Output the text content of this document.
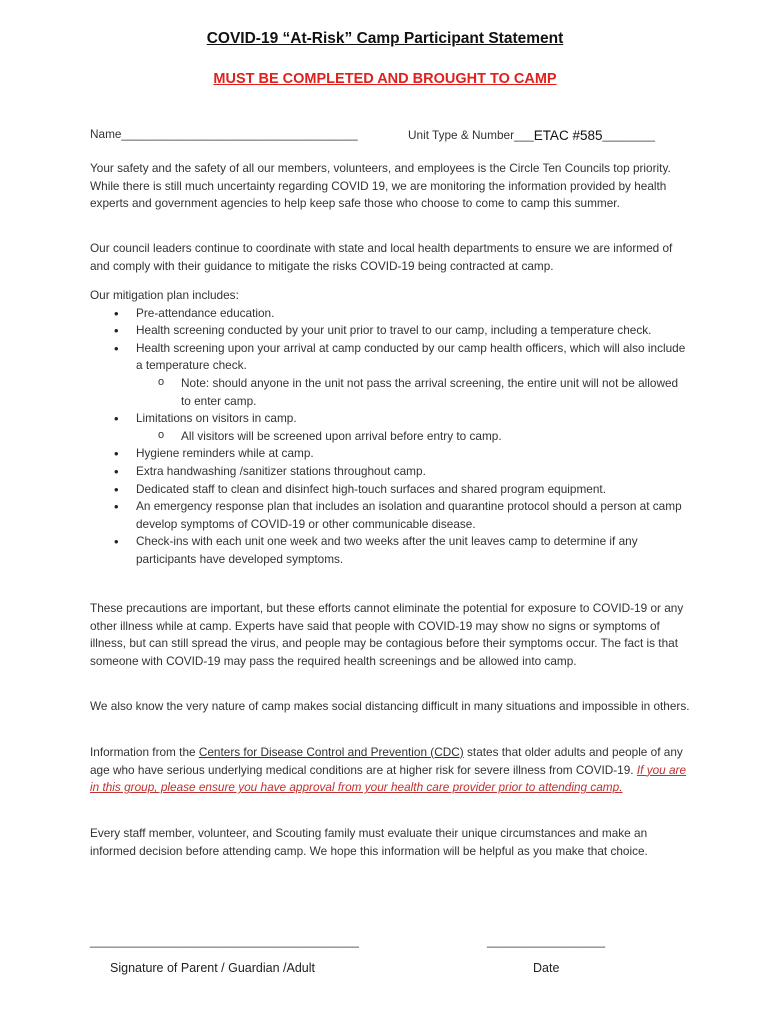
COVID-19 “At-Risk” Camp Participant Statement
MUST BE COMPLETED AND BROUGHT TO CAMP
Name____________________________________	Unit Type & Number___ETAC #585________

Your safety and the safety of all our members, volunteers, and employees is the Circle Ten Councils top priority. While there is still much uncertainty regarding COVID 19, we are monitoring the information provided by health experts and government agencies to help keep safe those who choose to come to camp this summer.

Our council leaders continue to coordinate with state and local health departments to ensure we are informed of and comply with their guidance to mitigate the risks COVID-19 being contracted at camp.

Our mitigation plan includes:

• Pre-attendance education.
• Health screening conducted by your unit prior to travel to our camp, including a temperature check.
• Health screening upon your arrival at camp conducted by our camp health officers, which will also include a temperature check.
o Note: should anyone in the unit not pass the arrival screening, the entire unit will not be allowed to enter camp.
• Limitations on visitors in camp.
o All visitors will be screened upon arrival before entry to camp.
• Hygiene reminders while at camp.
• Extra handwashing /sanitizer stations throughout camp.
• Dedicated staff to clean and disinfect high-touch surfaces and shared program equipment.
• An emergency response plan that includes an isolation and quarantine protocol should a person at camp develop symptoms of COVID-19 or other communicable disease.
• Check-ins with each unit one week and two weeks after the unit leaves camp to determine if any participants have developed symptoms.

These precautions are important, but these efforts cannot eliminate the potential for exposure to COVID-19 or any other illness while at camp. Experts have said that people with COVID-19 may show no signs or symptoms of illness, but can still spread the virus, and people may be contagious before their symptoms occur. The fact is that someone with COVID-19 may pass the required health screenings and be allowed into camp.

We also know the very nature of camp makes social distancing difficult in many situations and impossible in others.

Information from the Centers for Disease Control and Prevention (CDC) states that older adults and people of any age who have serious underlying medical conditions are at higher risk for severe illness from COVID-19. If you are in this group, please ensure you have approval from your health care provider prior to attending camp.

Every staff member, volunteer, and Scouting family must evaluate their unique circumstances and make an informed decision before attending camp. We hope this information will be helpful as you make that choice.

_________________________________________	__________________
Signature of Parent / Guardian /Adult	Date
